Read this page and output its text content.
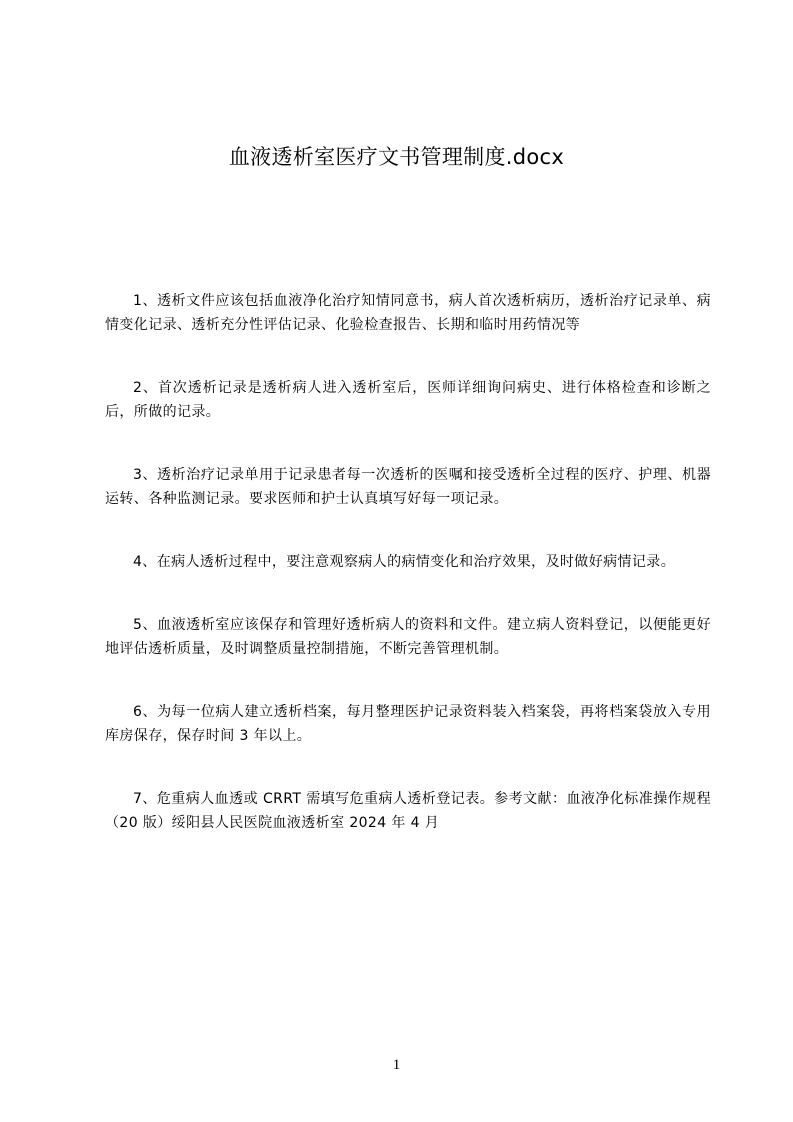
血液透析室医疗文书管理制度.docx

1、透析文件应该包括血液净化治疗知情同意书，病人首次透析病历，透析治疗记录单、病情变化记录、透析充分性评估记录、化验检查报告、长期和临时用药情况等

2、首次透析记录是透析病人进入透析室后，医师详细询问病史、进行体格检查和诊断之后，所做的记录。

3、透析治疗记录单用于记录患者每一次透析的医嘱和接受透析全过程的医疗、护理、机器运转、各种监测记录。要求医师和护士认真填写好每一项记录。

4、在病人透析过程中，要注意观察病人的病情变化和治疗效果，及时做好病情记录。

5、血液透析室应该保存和管理好透析病人的资料和文件。建立病人资料登记，以便能更好地评估透析质量，及时调整质量控制措施，不断完善管理机制。

6、为每一位病人建立透析档案，每月整理医护记录资料装入档案袋，再将档案袋放入专用库房保存，保存时间 3 年以上。

7、危重病人血透或 CRRT 需填写危重病人透析登记表。参考文献：血液净化标准操作规程（20 版）绥阳县人民医院血液透析室 2024 年 4 月

1
